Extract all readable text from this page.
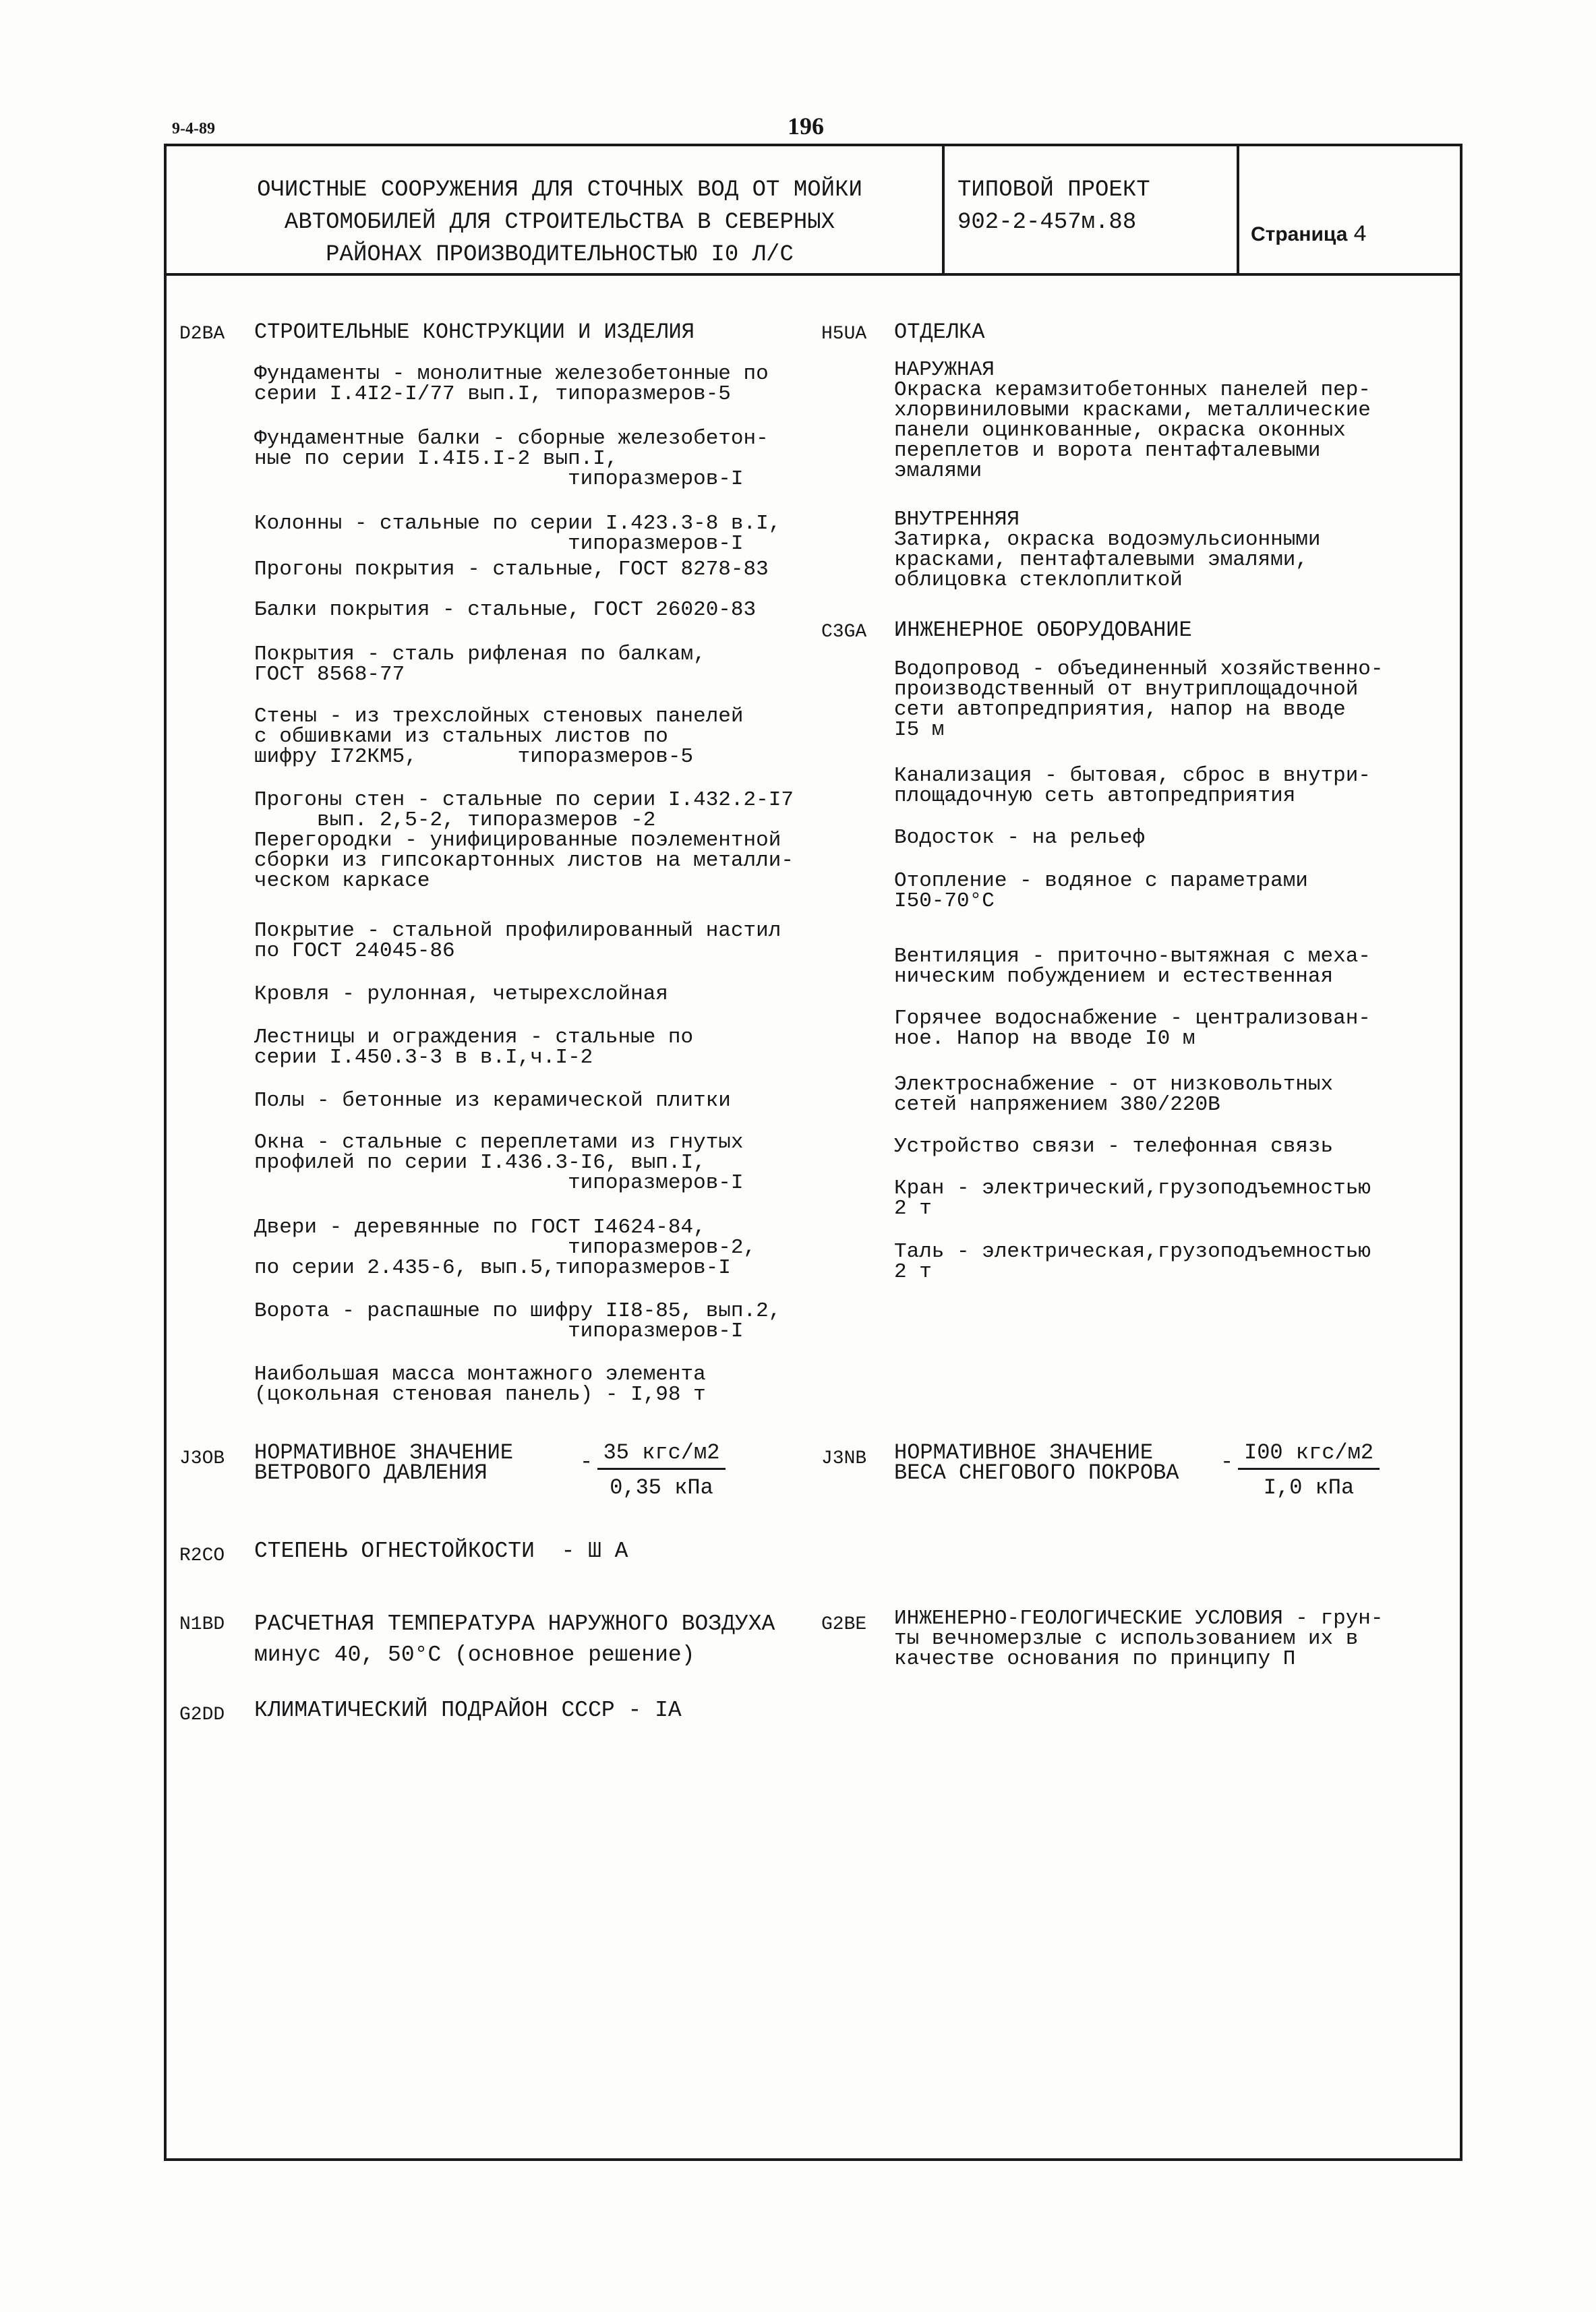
9-4-89	196
ОЧИСТНЫЕ СООРУЖЕНИЯ ДЛЯ СТОЧНЫХ ВОД ОТ МОЙКИ
АВТОМОБИЛЕЙ ДЛЯ СТРОИТЕЛЬСТВА В СЕВЕРНЫХ
РАЙОНАХ ПРОИЗВОДИТЕЛЬНОСТЬЮ I0 Л/С
ТИПОВОЙ ПРОЕКТ
902-2-457м.88	Страница 4
D2BA СТРОИТЕЛЬНЫЕ КОНСТРУКЦИИ И ИЗДЕЛИЯ
Фундаменты - монолитные железобетонные по
серии I.4I2-I/77 вып.I, типоразмеров-5
Фундаментные балки - сборные железобетон-
ные по серии I.4I5.I-2 вып.I,
типоразмеров-I
Колонны - стальные по серии I.423.3-8 в.I,
типоразмеров-I
Прогоны покрытия - стальные, ГОСТ 8278-83
Балки покрытия - стальные, ГОСТ 26020-83
Покрытия - сталь рифленая по балкам,
ГОСТ 8568-77
Стены - из трехслойных стеновых панелей
с обшивками из стальных листов по
шифру I72КМ5,        типоразмеров-5
Прогоны стен - стальные по серии I.432.2-I7
вып. 2,5-2, типоразмеров -2
Перегородки - унифицированные поэлементной
сборки из гипсокартонных листов на металли-
ческом каркасе
Покрытие - стальной профилированный настил
по ГОСТ 24045-86
Кровля - рулонная, четырехслойная
Лестницы и ограждения - стальные по
серии I.450.3-3 в в.I,ч.I-2
Полы - бетонные из керамической плитки
Окна - стальные с переплетами из гнутых
профилей по серии I.436.3-I6, вып.I,
типоразмеров-I
Двери - деревянные по ГОСТ I4624-84,
типоразмеров-2,
по серии 2.435-6, вып.5,типоразмеров-I
Ворота - распашные по шифру II8-85, вып.2,
типоразмеров-I
Наибольшая масса монтажного элемента
(цокольная стеновая панель) - I,98 т
H5UA ОТДЕЛКА
НАРУЖНАЯ
Окраска керамзитобетонных панелей пер-
хлорвиниловыми красками, металлические
панели оцинкованные, окраска оконных
переплетов и ворота пентафталевыми
эмалями
ВНУТРЕННЯЯ
Затирка, окраска водоэмульсионными
красками, пентафталевыми эмалями,
облицовка стеклоплиткой
C3GA ИНЖЕНЕРНОЕ ОБОРУДОВАНИЕ
Водопровод - объединенный хозяйственно-
производственный от внутриплощадочной
сети автопредприятия, напор на вводе
I5 м
Канализация - бытовая, сброс в внутри-
площадочную сеть автопредприятия
Водосток - на рельеф
Отопление - водяное с параметрами
I50-70°С
Вентиляция - приточно-вытяжная с меха-
ническим побуждением и естественная
Горячее водоснабжение - централизован-
ное. Напор на вводе I0 м
Электроснабжение - от низковольтных
сетей напряжением 380/220В
Устройство связи - телефонная связь
Кран - электрический,грузоподъемностью
2 т
Таль - электрическая,грузоподъемностью
2 т
J3OB НОРМАТИВНОЕ ЗНАЧЕНИЕ
ВЕТРОВОГО ДАВЛЕНИЯ	- 35 кгс/м2
0,35 кПа
J3NB НОРМАТИВНОЕ ЗНАЧЕНИЕ
ВЕСА СНЕГОВОГО ПОКРОВА - I00 кгс/м2
I,0 кПа
R2CO СТЕПЕНЬ ОГНЕСТОЙКОСТИ  - Ш А
N1BD РАСЧЕТНАЯ ТЕМПЕРАТУРА НАРУЖНОГО ВОЗДУХА
минус 40, 50°С (основное решение)
G2BE ИНЖЕНЕРНО-ГЕОЛОГИЧЕСКИЕ УСЛОВИЯ - грун-
ты вечномерзлые с использованием их в
качестве основания по принципу П
G2DD КЛИМАТИЧЕСКИЙ ПОДРАЙОН СССР - IА
